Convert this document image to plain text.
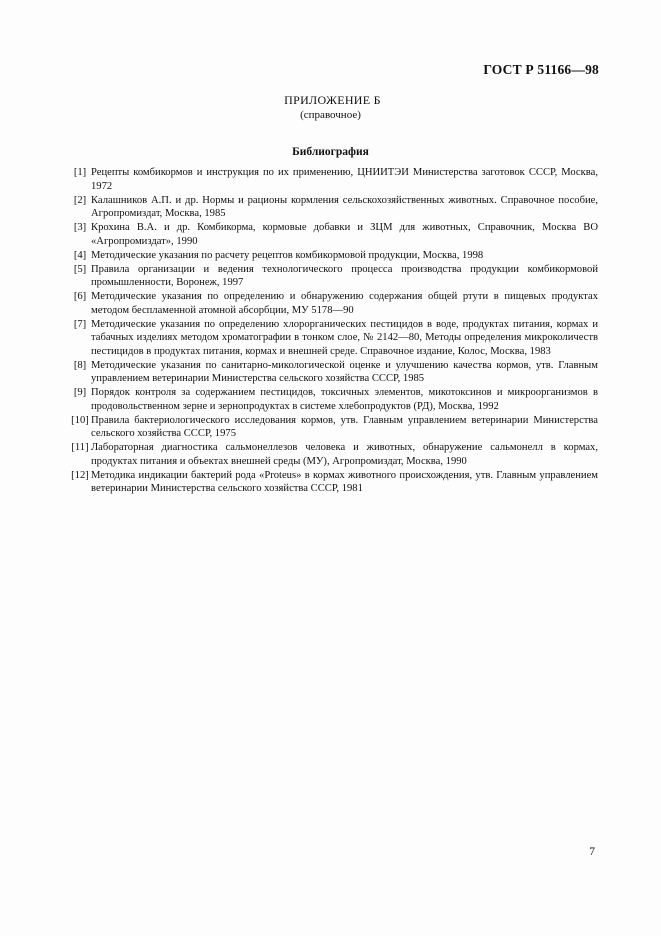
ГОСТ Р 51166—98
ПРИЛОЖЕНИЕ Б
(справочное)
Библиография
[1] Рецепты комбикормов и инструкция по их применению, ЦНИИТЭИ Министерства заготовок СССР, Москва, 1972
[2] Калашников А.П. и др. Нормы и рационы кормления сельскохозяйственных животных. Справочное пособие, Агропромиздат, Москва, 1985
[3] Крохина В.А. и др. Комбикорма, кормовые добавки и ЗЦМ для животных, Справочник, Москва ВО «Агропромиздат», 1990
[4] Методические указания по расчету рецептов комбикормовой продукции, Москва, 1998
[5] Правила организации и ведения технологического процесса производства продукции комбикормовой промышленности, Воронеж, 1997
[6] Методические указания по определению и обнаружению содержания общей ртути в пищевых продуктах методом беспламенной атомной абсорбции, МУ 5178—90
[7] Методические указания по определению хлорорганических пестицидов в воде, продуктах питания, кормах и табачных изделиях методом хроматографии в тонком слое, № 2142—80, Методы определения микроколичеств пестицидов в продуктах питания, кормах и внешней среде. Справочное издание, Колос, Москва, 1983
[8] Методические указания по санитарно-микологической оценке и улучшению качества кормов, утв. Главным управлением ветеринарии Министерства сельского хозяйства СССР, 1985
[9] Порядок контроля за содержанием пестицидов, токсичных элементов, микотоксинов и микроорганизмов в продовольственном зерне и зернопродуктах в системе хлебопродуктов (РД), Москва, 1992
[10] Правила бактериологического исследования кормов, утв. Главным управлением ветеринарии Министерства сельского хозяйства СССР, 1975
[11] Лабораторная диагностика сальмонеллезов человека и животных, обнаружение сальмонелл в кормах, продуктах питания и объектах внешней среды (МУ), Агропромиздат, Москва, 1990
[12] Методика индикации бактерий рода «Proteus» в кормах животного происхождения, утв. Главным управлением ветеринарии Министерства сельского хозяйства СССР, 1981
7
